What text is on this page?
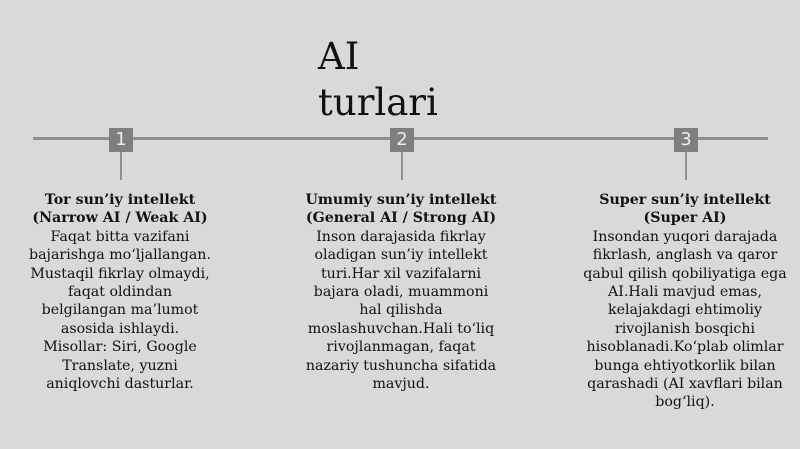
AI
turlari
1	2	3
Tor sun’iy intellekt
(Narrow AI / Weak AI)
Faqat bitta vazifani
bajarishga mo‘ljallangan.
Mustaqil fikrlay olmaydi,
faqat oldindan
belgilangan ma’lumot
asosida ishlaydi.
Misollar: Siri, Google
Translate, yuzni
aniqlovchi dasturlar.
Umumiy sun’iy intellekt
(General AI / Strong AI)
Inson darajasida fikrlay
oladigan sun’iy intellekt
turi.Har xil vazifalarni
bajara oladi, muammoni
hal qilishda
moslashuvchan.Hali to‘liq
rivojlanmagan, faqat
nazariy tushuncha sifatida
mavjud.
Super sun’iy intellekt
(Super AI)
Insondan yuqori darajada
fikrlash, anglash va qaror
qabul qilish qobiliyatiga ega
AI.Hali mavjud emas,
kelajakdagi ehtimoliy
rivojlanish bosqichi
hisoblanadi.Ko‘plab olimlar
bunga ehtiyotkorlik bilan
qarashadi (AI xavflari bilan
bog‘liq).
